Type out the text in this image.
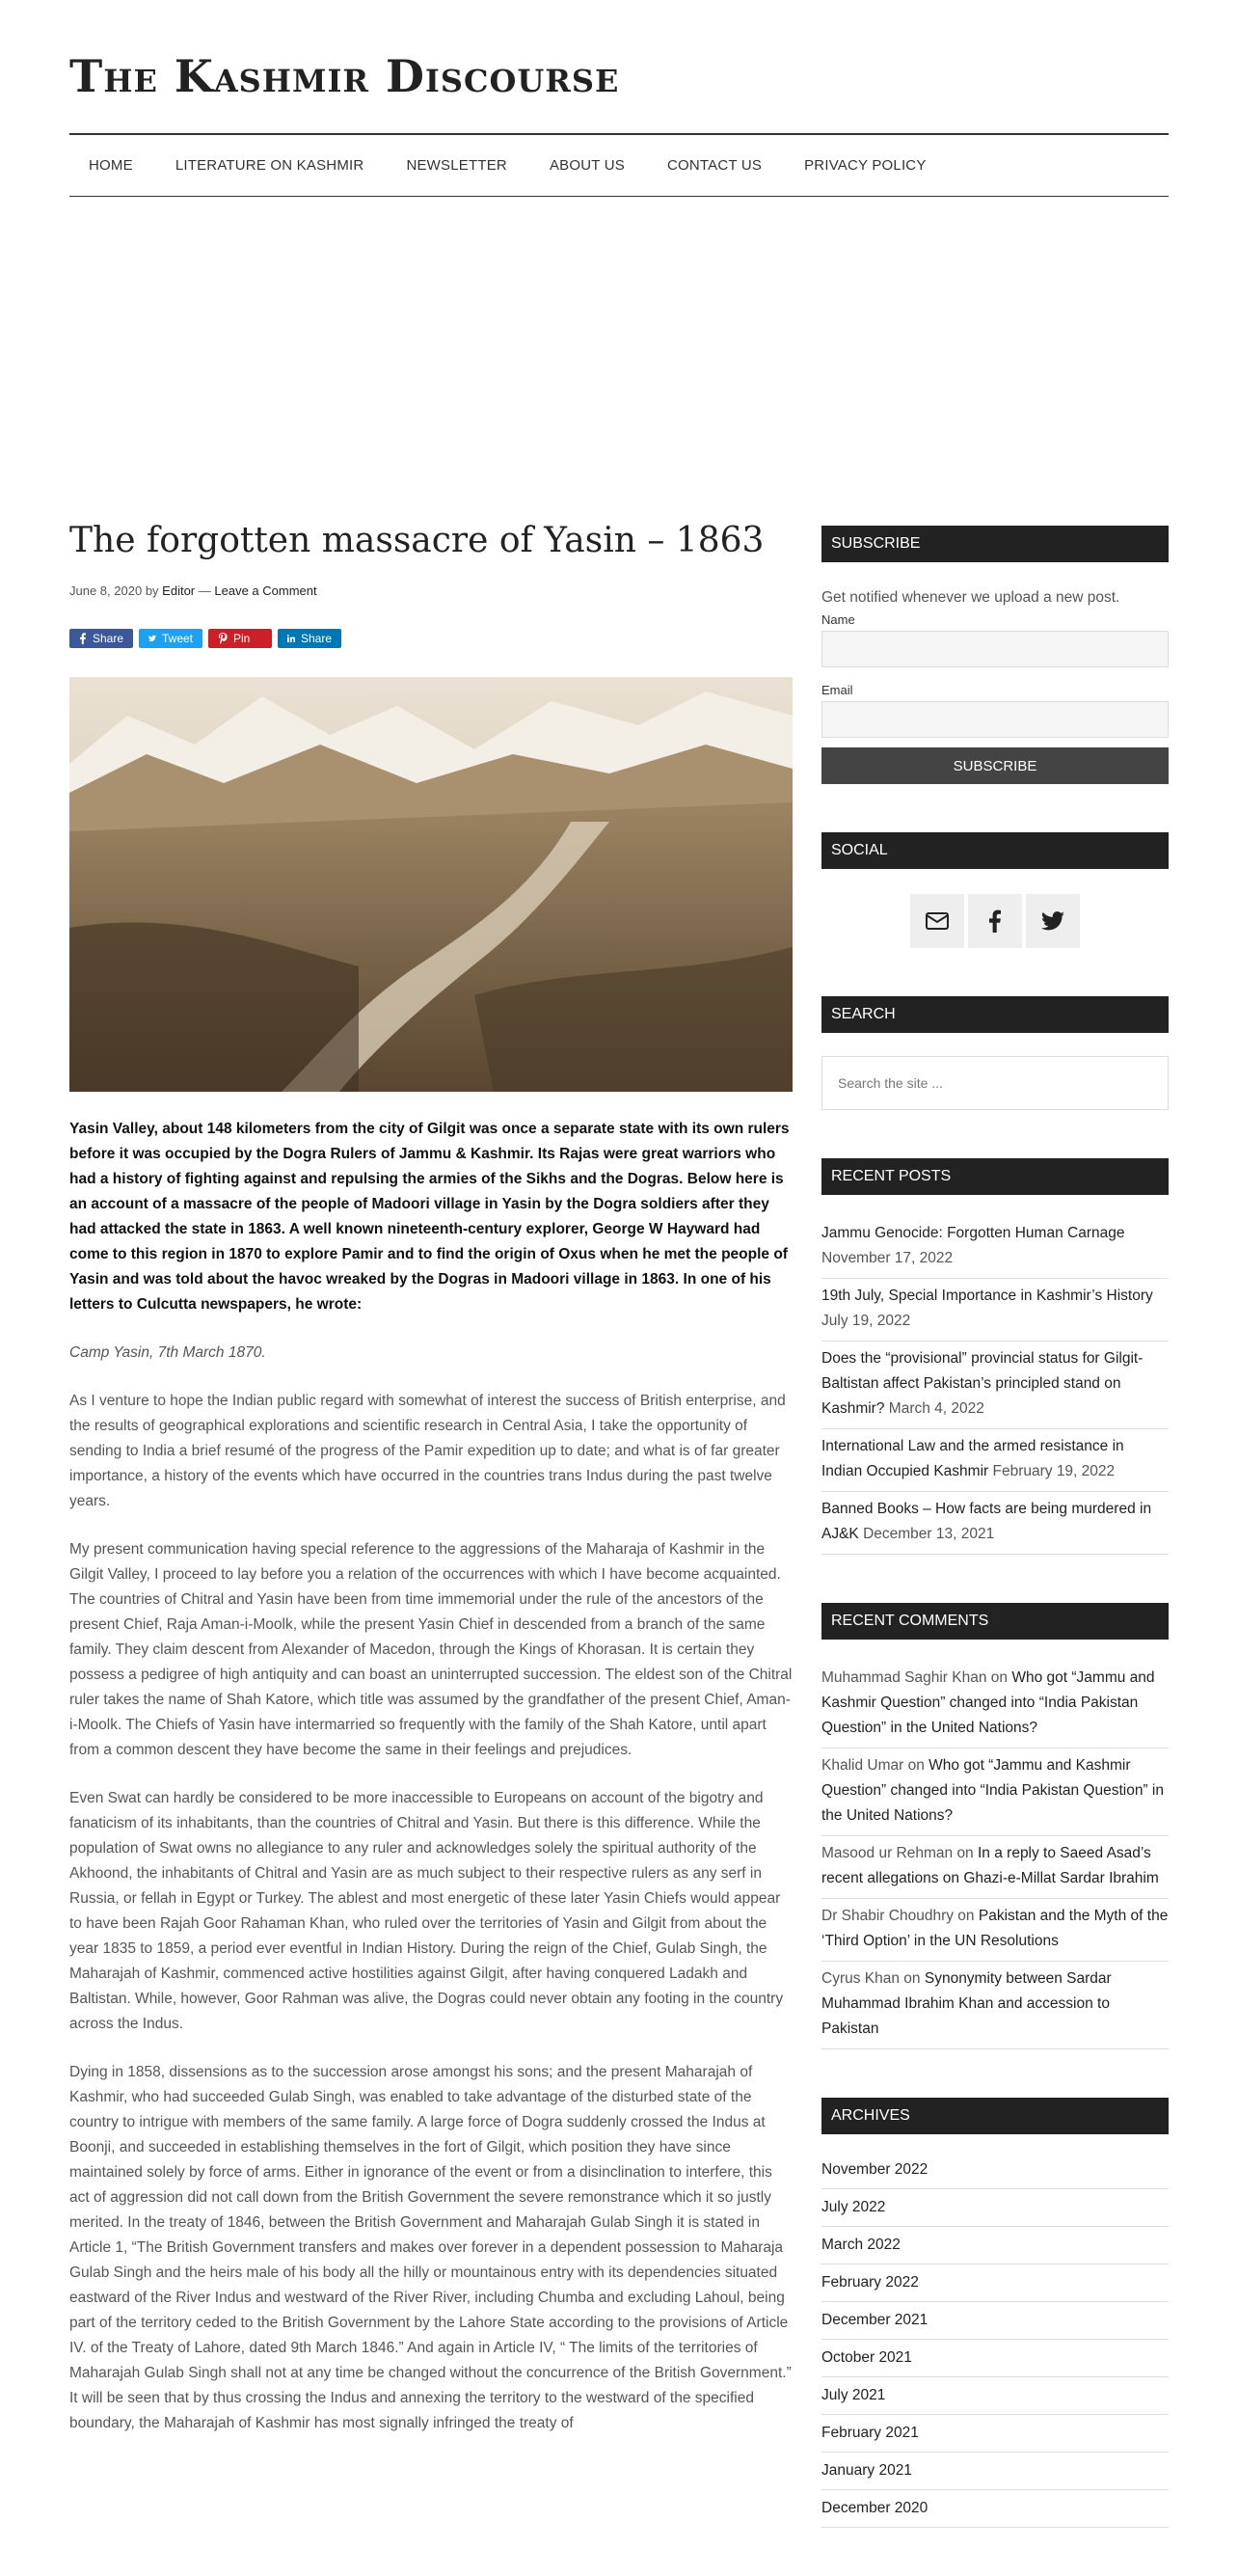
The Kashmir Discourse
HOME	LITERATURE ON KASHMIR	NEWSLETTER	ABOUT US	CONTACT US	PRIVACY POLICY
The forgotten massacre of Yasin – 1863
June 8, 2020 by Editor — Leave a Comment
Share	Tweet	Pin	Share

Yasin Valley, about 148 kilometers from the city of Gilgit was once a separate state with its own rulers before it was occupied by the Dogra Rulers of Jammu & Kashmir. Its Rajas were great warriors who had a history of fighting against and repulsing the armies of the Sikhs and the Dogras. Below here is an account of a massacre of the people of Madoori village in Yasin by the Dogra soldiers after they had attacked the state in 1863. A well known nineteenth-century explorer, George W Hayward had come to this region in 1870 to explore Pamir and to find the origin of Oxus when he met the people of Yasin and was told about the havoc wreaked by the Dogras in Madoori village in 1863. In one of his letters to Culcutta newspapers, he wrote:

Camp Yasin, 7th March 1870.

As I venture to hope the Indian public regard with somewhat of interest the success of British enterprise, and the results of geographical explorations and scientific research in Central Asia, I take the opportunity of sending to India a brief resumé of the progress of the Pamir expedition up to date; and what is of far greater importance, a history of the events which have occurred in the countries trans Indus during the past twelve years.

My present communication having special reference to the aggressions of the Maharaja of Kashmir in the Gilgit Valley, I proceed to lay before you a relation of the occurrences with which I have become acquainted. The countries of Chitral and Yasin have been from time immemorial under the rule of the ancestors of the present Chief, Raja Aman-i-Moolk, while the present Yasin Chief in descended from a branch of the same family. They claim descent from Alexander of Macedon, through the Kings of Khorasan. It is certain they possess a pedigree of high antiquity and can boast an uninterrupted succession. The eldest son of the Chitral ruler takes the name of Shah Katore, which title was assumed by the grandfather of the present Chief, Aman-i-Moolk. The Chiefs of Yasin have intermarried so frequently with the family of the Shah Katore, until apart from a common descent they have become the same in their feelings and prejudices.

Even Swat can hardly be considered to be more inaccessible to Europeans on account of the bigotry and fanaticism of its inhabitants, than the countries of Chitral and Yasin. But there is this difference. While the population of Swat owns no allegiance to any ruler and acknowledges solely the spiritual authority of the Akhoond, the inhabitants of Chitral and Yasin are as much subject to their respective rulers as any serf in Russia, or fellah in Egypt or Turkey. The ablest and most energetic of these later Yasin Chiefs would appear to have been Rajah Goor Rahaman Khan, who ruled over the territories of Yasin and Gilgit from about the year 1835 to 1859, a period ever eventful in Indian History. During the reign of the Chief, Gulab Singh, the Maharajah of Kashmir, commenced active hostilities against Gilgit, after having conquered Ladakh and Baltistan. While, however, Goor Rahman was alive, the Dogras could never obtain any footing in the country across the Indus.

Dying in 1858, dissensions as to the succession arose amongst his sons; and the present Maharajah of Kashmir, who had succeeded Gulab Singh, was enabled to take advantage of the disturbed state of the country to intrigue with members of the same family. A large force of Dogra suddenly crossed the Indus at Boonji, and succeeded in establishing themselves in the fort of Gilgit, which position they have since maintained solely by force of arms. Either in ignorance of the event or from a disinclination to interfere, this act of aggression did not call down from the British Government the severe remonstrance which it so justly merited. In the treaty of 1846, between the British Government and Maharajah Gulab Singh it is stated in Article 1, “The British Government transfers and makes over forever in a dependent possession to Maharaja Gulab Singh and the heirs male of his body all the hilly or mountainous entry with its dependencies situated eastward of the River Indus and westward of the River River, including Chumba and excluding Lahoul, being part of the territory ceded to the British Government by the Lahore State according to the provisions of Article IV. of the Treaty of Lahore, dated 9th March 1846.” And again in Article IV, “ The limits of the territories of Maharajah Gulab Singh shall not at any time be changed without the concurrence of the British Government.” It will be seen that by thus crossing the Indus and annexing the territory to the westward of the specified boundary, the Maharajah of Kashmir has most signally infringed the treaty of

SUBSCRIBE

Get notified whenever we upload a new post.

Name
Email
SUBSCRIBE
SOCIAL
SEARCH
Search the site ...
RECENT POSTS
Jammu Genocide: Forgotten Human Carnage
November 17, 2022
19th July, Special Importance in Kashmir’s History
July 19, 2022
Does the “provisional” provincial status for Gilgit-Baltistan affect Pakistan’s principled stand on Kashmir? March 4, 2022
International Law and the armed resistance in Indian Occupied Kashmir February 19, 2022
Banned Books – How facts are being murdered in AJ&K December 13, 2021
RECENT COMMENTS
Muhammad Saghir Khan on Who got “Jammu and Kashmir Question” changed into “India Pakistan Question” in the United Nations?
Khalid Umar on Who got “Jammu and Kashmir Question” changed into “India Pakistan Question” in the United Nations?
Masood ur Rehman on In a reply to Saeed Asad’s recent allegations on Ghazi-e-Millat Sardar Ibrahim
Dr Shabir Choudhry on Pakistan and the Myth of the ‘Third Option’ in the UN Resolutions
Cyrus Khan on Synonymity between Sardar Muhammad Ibrahim Khan and accession to Pakistan
ARCHIVES
November 2022
July 2022
March 2022
February 2022
December 2021
October 2021
July 2021
February 2021
January 2021
December 2020
